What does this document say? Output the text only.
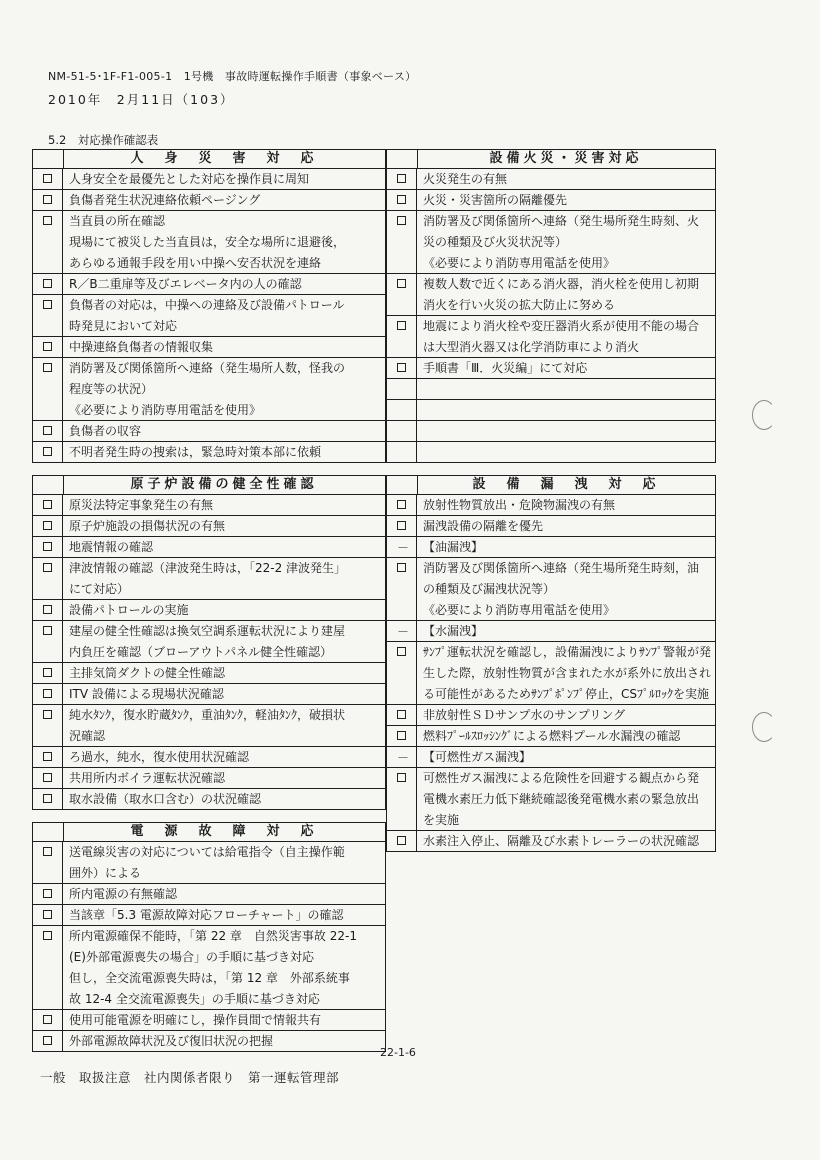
NM-51-5･1F-F1-005-1　1号機　事故時運転操作手順書（事象ベース）
2010年　2月11日（103）
5.2　対応操作確認表
人　身　災　害　対　応
人身安全を最優先とした対応を操作員に周知
負傷者発生状況連絡依頼ページング
当直員の所在確認
現場にて被災した当直員は，安全な場所に退避後，
あらゆる通報手段を用い中操へ安否状況を連絡
R／B二重扉等及びエレベータ内の人の確認
負傷者の対応は，中操への連絡及び設備パトロール
時発見において対応
中操連絡負傷者の情報収集
消防署及び関係箇所へ連絡（発生場所人数，怪我の
程度等の状況）
《必要により消防専用電話を使用》
負傷者の収容
不明者発生時の捜索は，緊急時対策本部に依頼
設備火災・災害対応
火災発生の有無
火災・災害箇所の隔離優先
消防署及び関係箇所へ連絡（発生場所発生時刻、火
災の種類及び火災状況等）
《必要により消防専用電話を使用》
複数人数で近くにある消火器，消火栓を使用し初期
消火を行い火災の拡大防止に努める
地震により消火栓や変圧器消火系が使用不能の場合
は大型消火器又は化学消防車により消火
手順書「Ⅲ．火災編」にて対応
原子炉設備の健全性確認
原災法特定事象発生の有無
原子炉施設の損傷状況の有無
地震情報の確認
津波情報の確認（津波発生時は，「22-2 津波発生」
にて対応）
設備パトロールの実施
建屋の健全性確認は換気空調系運転状況により建屋
内負圧を確認（ブローアウトパネル健全性確認）
主排気筒ダクトの健全性確認
ITV 設備による現場状況確認
純水ﾀﾝｸ，復水貯蔵ﾀﾝｸ，重油ﾀﾝｸ，軽油ﾀﾝｸ，破損状
況確認
ろ過水，純水，復水使用状況確認
共用所内ボイラ運転状況確認
取水設備（取水口含む）の状況確認
設　備　漏　洩　対　応
放射性物質放出・危険物漏洩の有無
漏洩設備の隔離を優先
－ 【油漏洩】
消防署及び関係箇所へ連絡（発生場所発生時刻，油
の種類及び漏洩状況等）
《必要により消防専用電話を使用》
－ 【水漏洩】
ｻﾝﾌﾟ運転状況を確認し，設備漏洩によりｻﾝﾌﾟ警報が発
生した際，放射性物質が含まれた水が系外に放出され
る可能性があるためｻﾝﾌﾟﾎﾟﾝﾌﾟ停止，CSﾌﾟﾙﾛｯｸを実施
非放射性ＳＤサンプ水のサンプリング
燃料ﾌﾟｰﾙｽﾛｯｼﾝｸﾞによる燃料プール水漏洩の確認
－ 【可燃性ガス漏洩】
可燃性ガス漏洩による危険性を回避する観点から発
電機水素圧力低下継続確認後発電機水素の緊急放出
を実施
水素注入停止、隔離及び水素トレーラーの状況確認
電　源　故　障　対　応
送電線災害の対応については給電指令（自主操作範
囲外）による
所内電源の有無確認
当該章「5.3 電源故障対応フローチャート」の確認
所内電源確保不能時，「第 22 章　自然災害事故 22-1
(E)外部電源喪失の場合」の手順に基づき対応
但し，全交流電源喪失時は，「第 12 章　外部系統事
故 12-4 全交流電源喪失」の手順に基づき対応
使用可能電源を明確にし，操作員間で情報共有
外部電源故障状況及び復旧状況の把握
22-1-6
一般　取扱注意　社内関係者限り　第一運転管理部
